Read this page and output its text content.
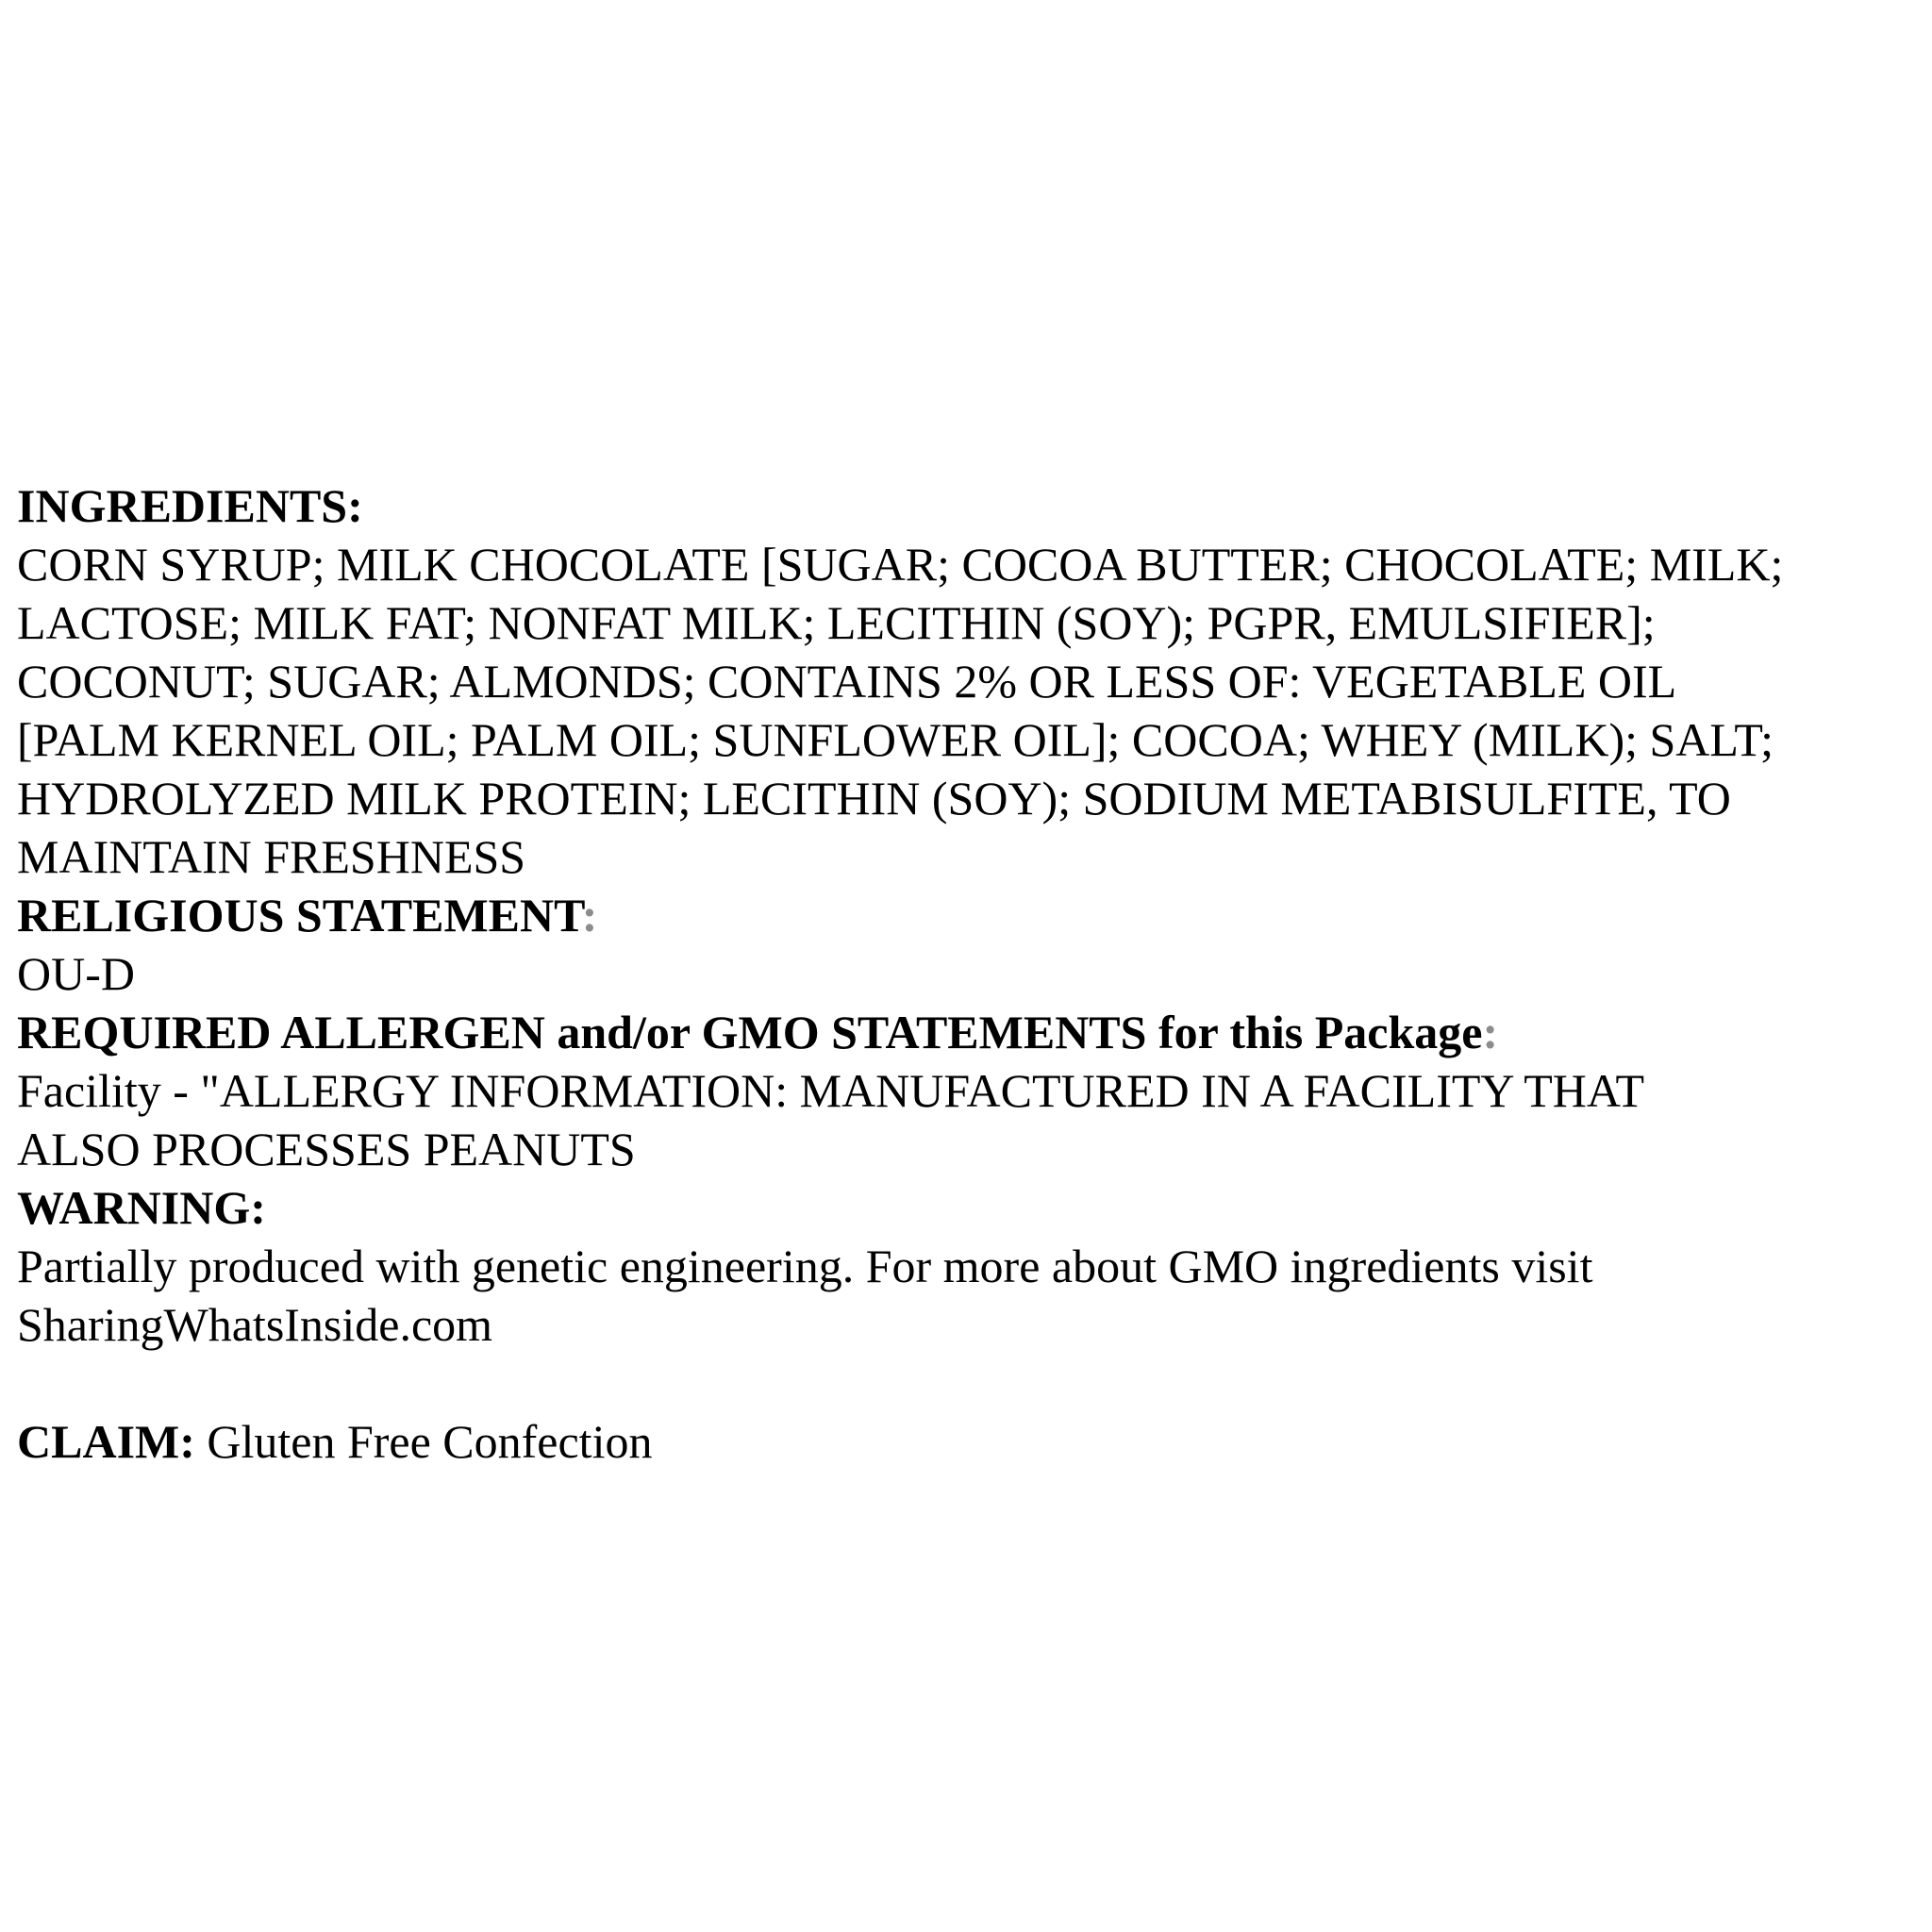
INGREDIENTS:
CORN SYRUP; MILK CHOCOLATE [SUGAR; COCOA BUTTER; CHOCOLATE; MILK;
LACTOSE; MILK FAT; NONFAT MILK; LECITHIN (SOY); PGPR, EMULSIFIER];
COCONUT; SUGAR; ALMONDS; CONTAINS 2% OR LESS OF: VEGETABLE OIL
[PALM KERNEL OIL; PALM OIL; SUNFLOWER OIL]; COCOA; WHEY (MILK); SALT;
HYDROLYZED MILK PROTEIN; LECITHIN (SOY); SODIUM METABISULFITE, TO
MAINTAIN FRESHNESS
RELIGIOUS STATEMENT:
OU-D
REQUIRED ALLERGEN and/or GMO STATEMENTS for this Package:
Facility - "ALLERGY INFORMATION: MANUFACTURED IN A FACILITY THAT
ALSO PROCESSES PEANUTS
WARNING:
Partially produced with genetic engineering. For more about GMO ingredients visit
SharingWhatsInside.com
CLAIM: Gluten Free Confection
